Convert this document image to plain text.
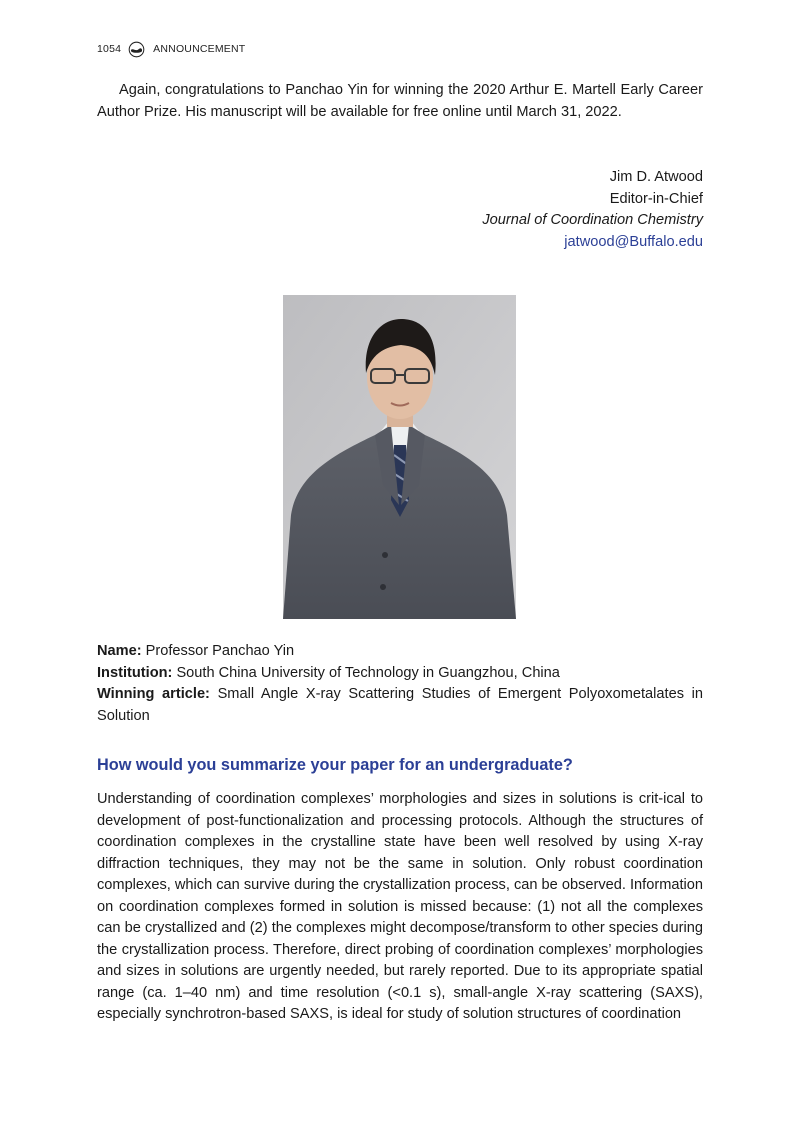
1054	ANNOUNCEMENT

Again, congratulations to Panchao Yin for winning the 2020 Arthur E. Martell Early Career Author Prize. His manuscript will be available for free online until March 31, 2022.

Jim D. Atwood
Editor-in-Chief
Journal of Coordination Chemistry
jatwood@Buffalo.edu
Name: Professor Panchao Yin
Institution: South China University of Technology in Guangzhou, China
Winning article: Small Angle X-ray Scattering Studies of Emergent Polyoxometalates in Solution
How would you summarize your paper for an undergraduate?

Understanding of coordination complexes’ morphologies and sizes in solutions is crit-ical to development of post-functionalization and processing protocols. Although the structures of coordination complexes in the crystalline state have been well resolved by using X-ray diffraction techniques, they may not be the same in solution. Only robust coordination complexes, which can survive during the crystallization process, can be observed. Information on coordination complexes formed in solution is missed because: (1) not all the complexes can be crystallized and (2) the complexes might decompose/transform to other species during the crystallization process. Therefore, direct probing of coordination complexes’ morphologies and sizes in solutions are urgently needed, but rarely reported. Due to its appropriate spatial range (ca. 1–40 nm) and time resolution (<0.1 s), small-angle X-ray scattering (SAXS), especially synchrotron-based SAXS, is ideal for study of solution structures of coordination
